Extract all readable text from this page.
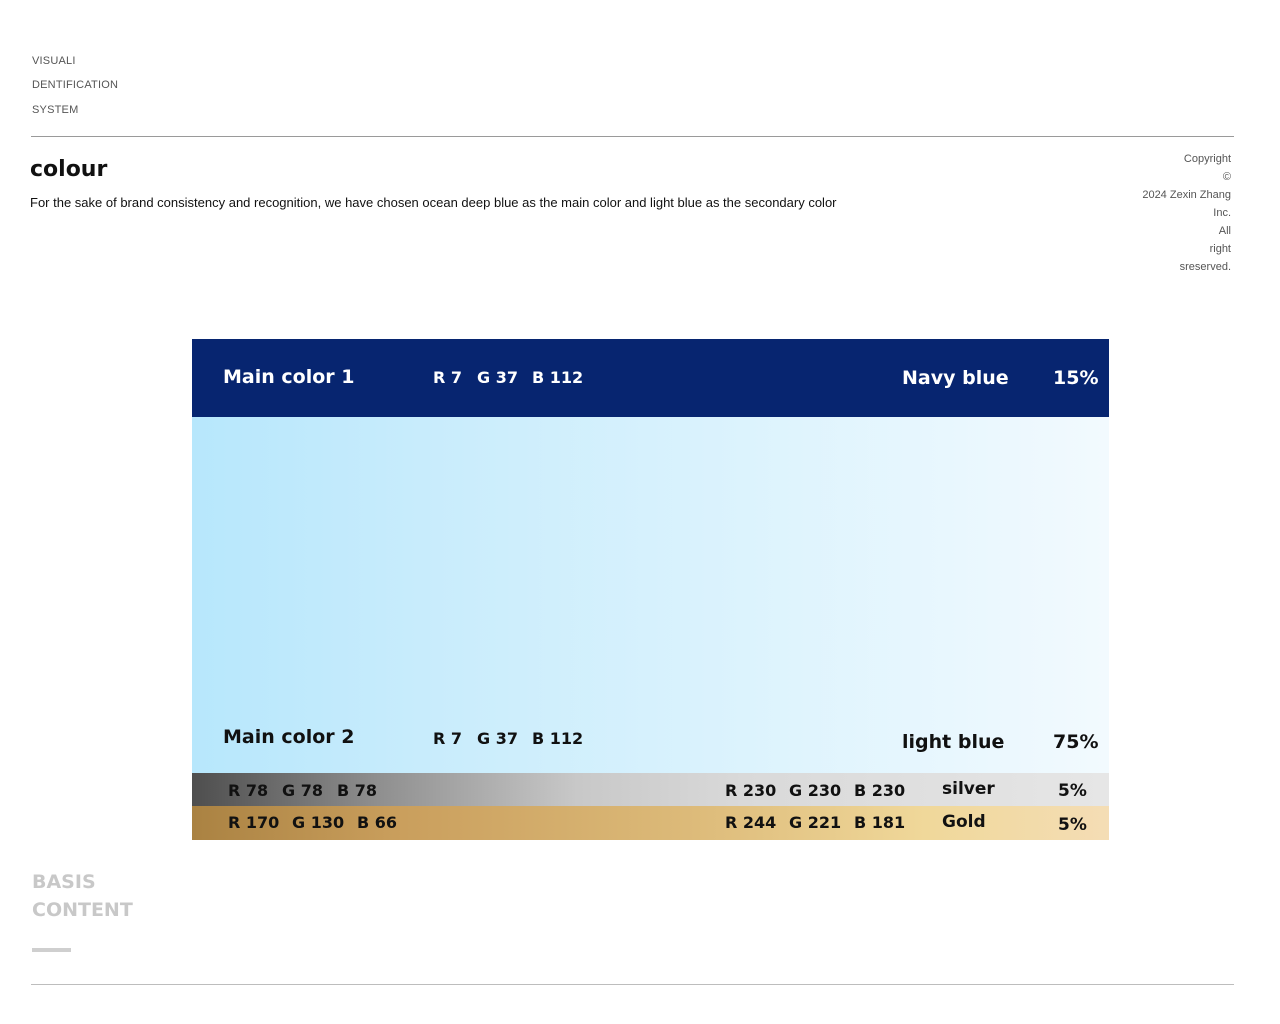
VISUALI
DENTIFICATION
SYSTEM
colour
For the sake of brand consistency and recognition, we have chosen ocean deep blue as the main color and light blue as the secondary color
Copyright
©
2024 Zexin Zhang
Inc.
All
right
sreserved.
Main color 1	R 7 G 37 B 112	Navy blue 15%
Main color 2	R 7 G 37 B 112	light blue	75%
R 78 G 78 B 78	R 230 G 230 B 230 silver	5%
R 170 G 130 B 66	R 244 G 221 B 181 Gold	5%
BASIS
CONTENT
